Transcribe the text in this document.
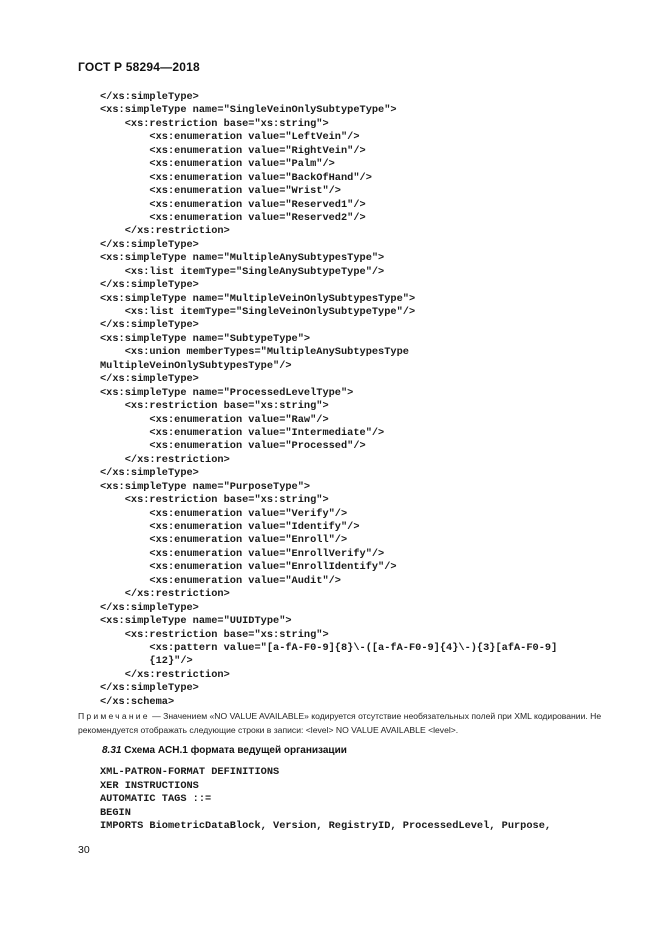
ГОСТ Р 58294—2018
</xs:simpleType>
<xs:simpleType name="SingleVeinOnlySubtypeType">
<xs:restriction base="xs:string">
<xs:enumeration value="LeftVein"/>
<xs:enumeration value="RightVein"/>
<xs:enumeration value="Palm"/>
<xs:enumeration value="BackOfHand"/>
<xs:enumeration value="Wrist"/>
<xs:enumeration value="Reserved1"/>
<xs:enumeration value="Reserved2"/>
</xs:restriction>
</xs:simpleType>
<xs:simpleType name="MultipleAnySubtypesType">
<xs:list itemType="SingleAnySubtypeType"/>
</xs:simpleType>
<xs:simpleType name="MultipleVeinOnlySubtypesType">
<xs:list itemType="SingleVeinOnlySubtypeType"/>
</xs:simpleType>
<xs:simpleType name="SubtypeType">
<xs:union memberTypes="MultipleAnySubtypesType
MultipleVeinOnlySubtypesType"/>
</xs:simpleType>
<xs:simpleType name="ProcessedLevelType">
<xs:restriction base="xs:string">
<xs:enumeration value="Raw"/>
<xs:enumeration value="Intermediate"/>
<xs:enumeration value="Processed"/>
</xs:restriction>
</xs:simpleType>
<xs:simpleType name="PurposeType">
<xs:restriction base="xs:string">
<xs:enumeration value="Verify"/>
<xs:enumeration value="Identify"/>
<xs:enumeration value="Enroll"/>
<xs:enumeration value="EnrollVerify"/>
<xs:enumeration value="EnrollIdentify"/>
<xs:enumeration value="Audit"/>
</xs:restriction>
</xs:simpleType>
<xs:simpleType name="UUIDType">
<xs:restriction base="xs:string">
<xs:pattern value="[a-fA-F0-9]{8}\-([a-fA-F0-9]{4}\-){3}[afA-F0-9]
{12}"/>
</xs:restriction>
</xs:simpleType>
</xs:schema>
Примечание — Значением «NO VALUE AVAILABLE» кодируется отсутствие необязательных полей при XML кодировании. Не рекомендуется отображать следующие строки в записи: <level> NO VALUE AVAILABLE <level>.
8.31 Схема ACH.1 формата ведущей организации
XML-PATRON-FORMAT DEFINITIONS
XER INSTRUCTIONS
AUTOMATIC TAGS ::=
BEGIN
IMPORTS BiometricDataBlock, Version, RegistryID, ProcessedLevel, Purpose,
30
